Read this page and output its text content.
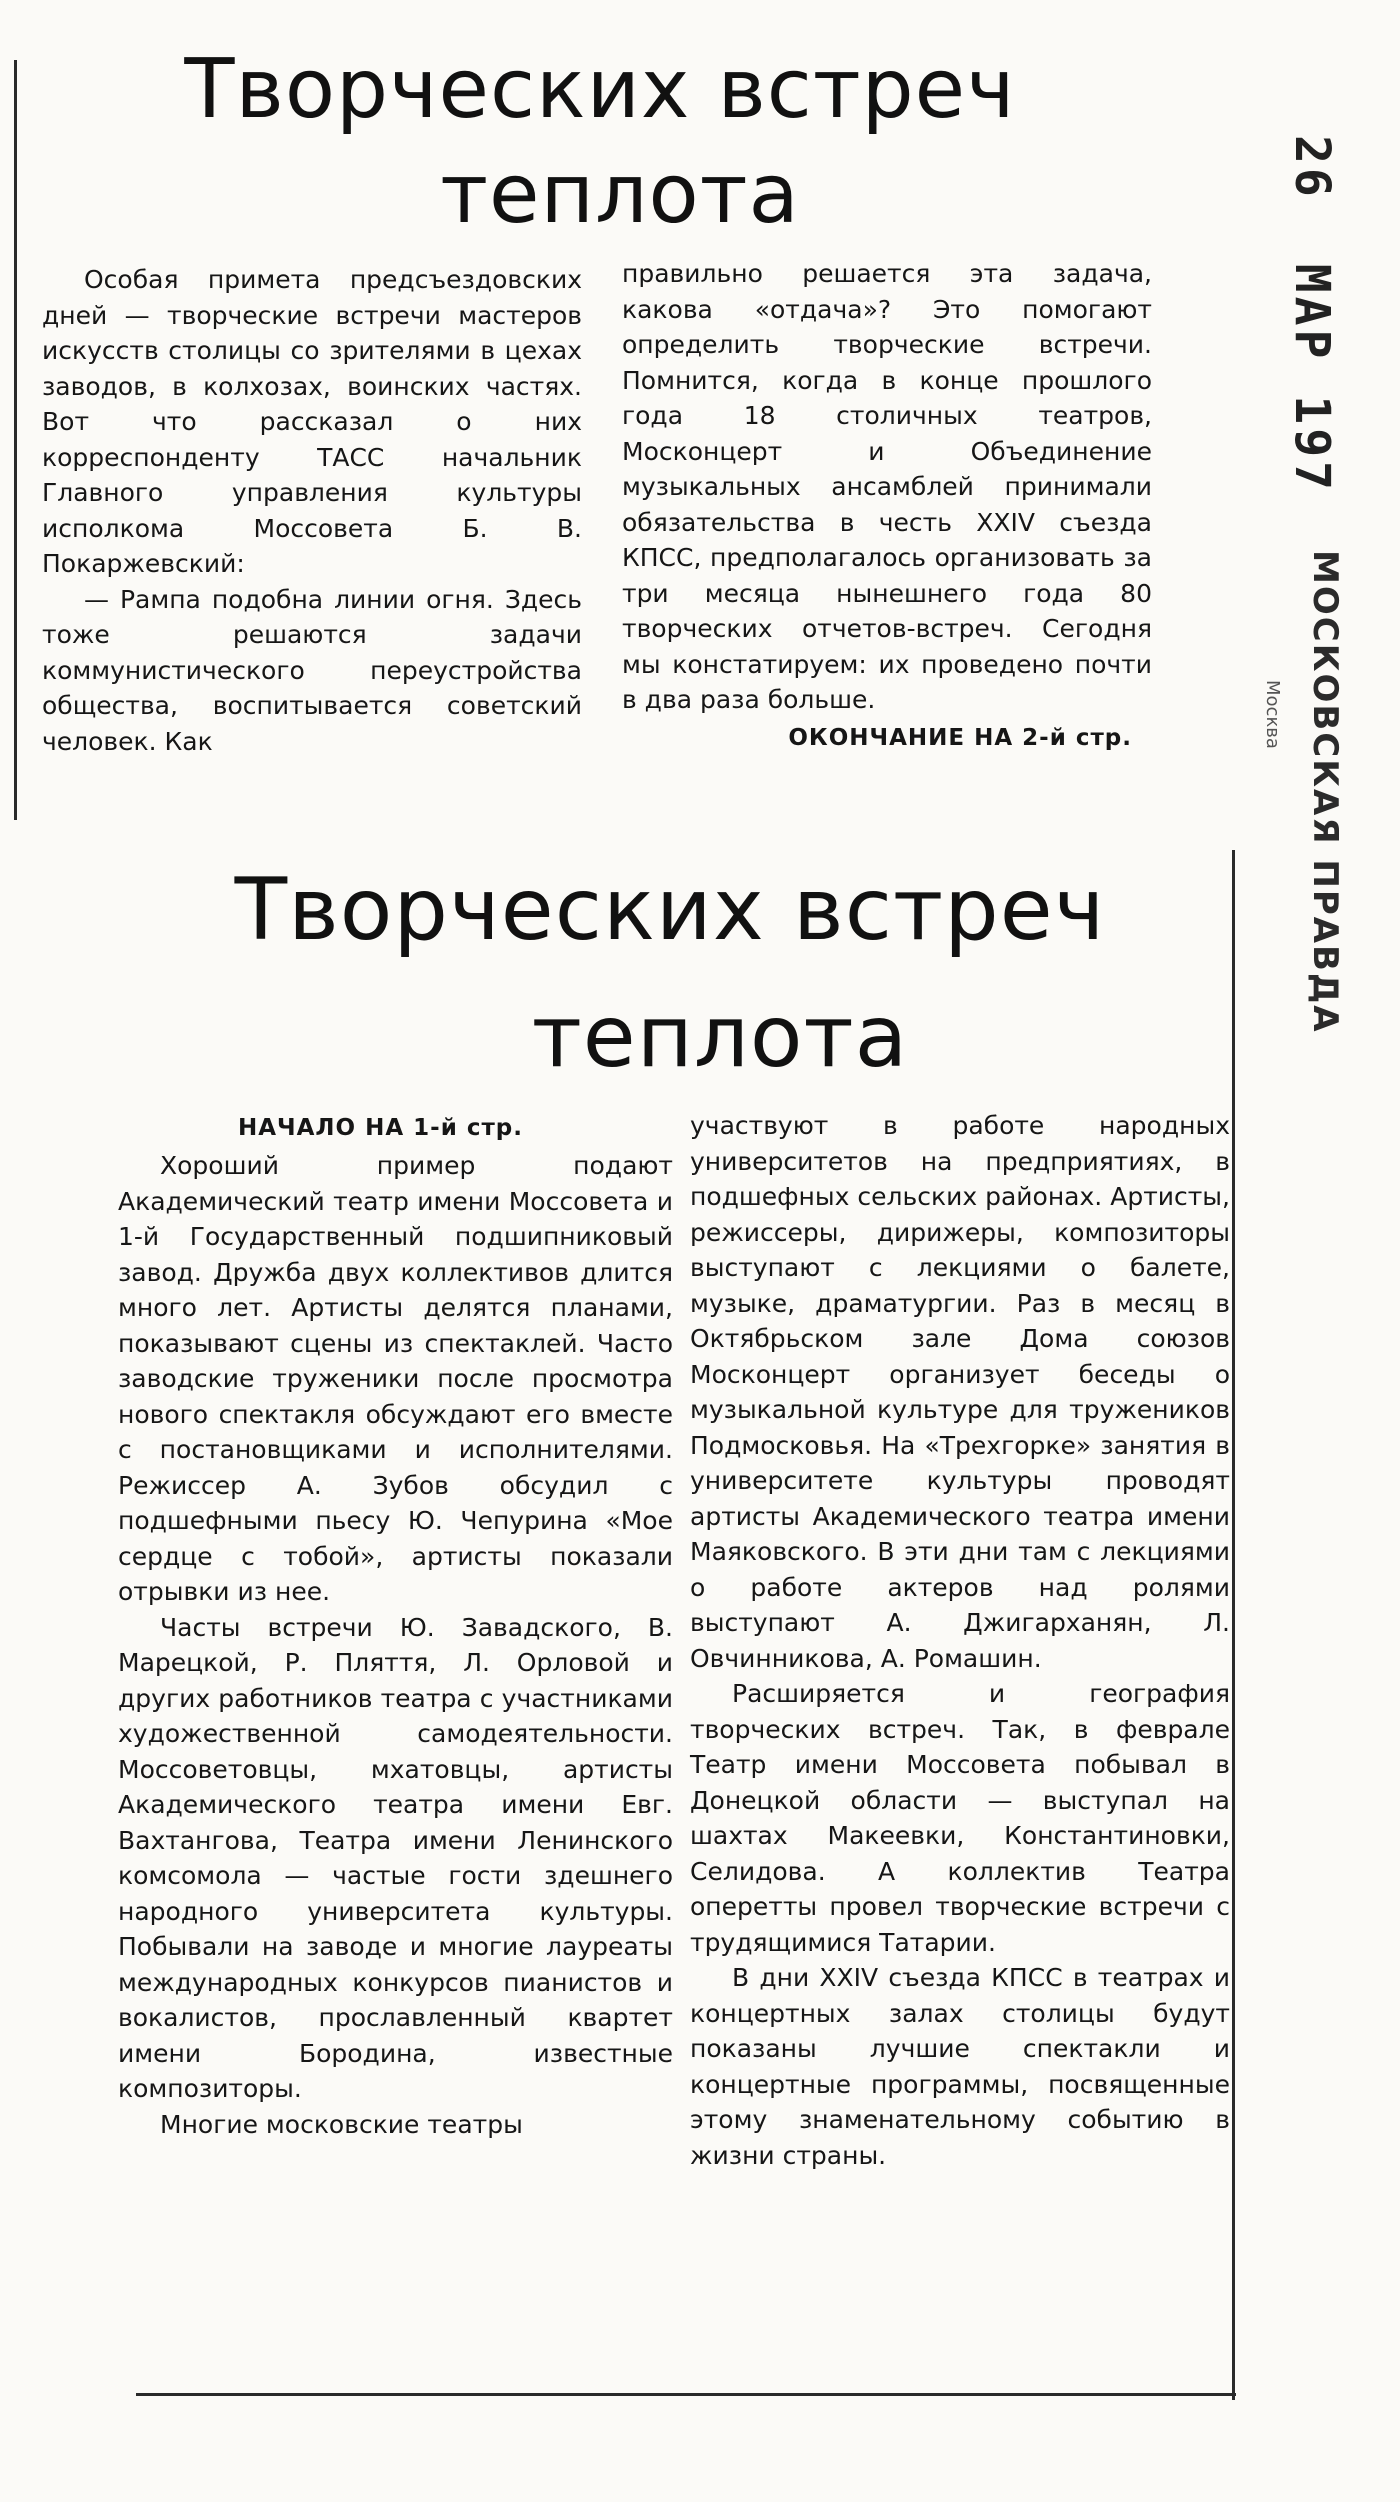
Творческих встреч
теплота

Особая примета предсъездовских дней — творческие встречи мастеров искусств столицы со зрителями в цехах заводов, в колхозах, воинских частях. Вот что рассказал о них корреспонденту ТАСС начальник Главного управления культуры исполкома Моссовета Б. В. Покаржевский:

— Рампа подобна линии огня. Здесь тоже решаются задачи коммунистического переустройства общества, воспитывается советский человек. Как

правильно решается эта задача, какова «отдача»? Это помогают определить творческие встречи. Помнится, когда в конце прошлого года 18 столичных театров, Москонцерт и Объединение музыкальных ансамблей принимали обязательства в честь XXIV съезда КПСС, предполагалось организовать за три месяца нынешнего года 80 творческих отчетов-встреч. Сегодня мы констатируем: их проведено почти в два раза больше.

ОКОНЧАНИЕ НА 2-й стр.
26 МАР 197
МОСКОВСКАЯ ПРАВДА
Москва
Творческих встреч
теплота
НАЧАЛО НА 1-й стр.

Хороший пример подают Академический театр имени Моссовета и 1-й Государственный подшипниковый завод. Дружба двух коллективов длится много лет. Артисты делятся планами, показывают сцены из спектаклей. Часто заводские труженики после просмотра нового спектакля обсуждают его вместе с постановщиками и исполнителями. Режиссер А. Зубов обсудил с подшефными пьесу Ю. Чепурина «Мое сердце с тобой», артисты показали отрывки из нее.

Часты встречи Ю. Завадского, В. Марецкой, Р. Пляття, Л. Орловой и других работников театра с участниками художественной самодеятельности. Моссоветовцы, мхатовцы, артисты Академического театра имени Евг. Вахтангова, Театра имени Ленинского комсомола — частые гости здешнего народного университета культуры. Побывали на заводе и многие лауреаты международных конкурсов пианистов и вокалистов, прославленный квартет имени Бородина, известные композиторы.

Многие московские театры

участвуют в работе народных университетов на предприятиях, в подшефных сельских районах. Артисты, режиссеры, дирижеры, композиторы выступают с лекциями о балете, музыке, драматургии. Раз в месяц в Октябрьском зале Дома союзов Москонцерт организует беседы о музыкальной культуре для тружеников Подмосковья. На «Трехгорке» занятия в университете культуры проводят артисты Академического театра имени Маяковского. В эти дни там с лекциями о работе актеров над ролями выступают А. Джигарханян, Л. Овчинникова, А. Ромашин.

Расширяется и география творческих встреч. Так, в феврале Театр имени Моссовета побывал в Донецкой области — выступал на шахтах Макеевки, Константиновки, Селидова. А коллектив Театра оперетты провел творческие встречи с трудящимися Татарии.

В дни XXIV съезда КПСС в театрах и концертных залах столицы будут показаны лучшие спектакли и концертные программы, посвященные этому знаменательному событию в жизни страны.
